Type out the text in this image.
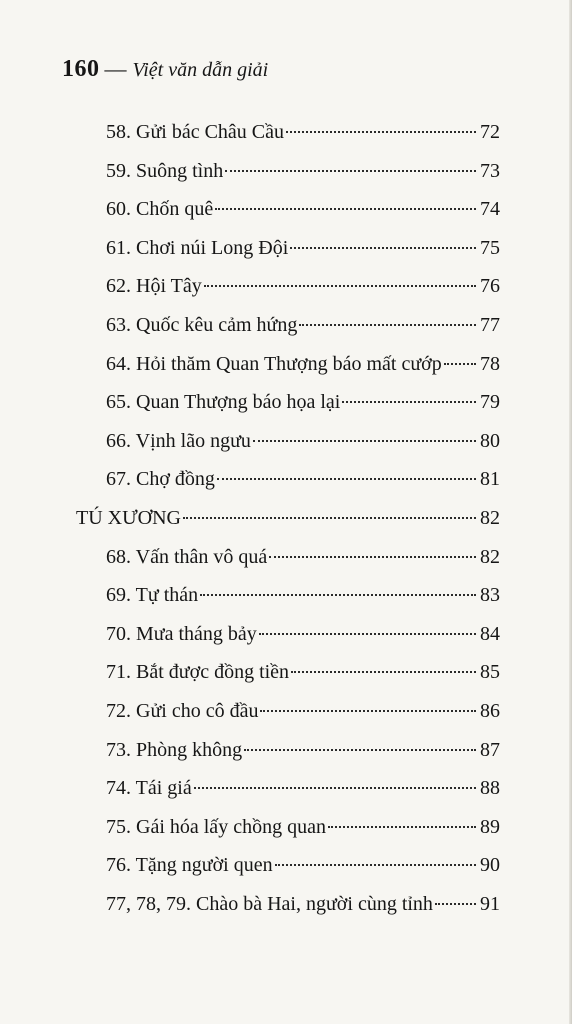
160 — Việt văn dẫn giải
58. Gửi bác Châu Cầu	72
59. Suông tình	73
60. Chốn quê	74
61. Chơi núi Long Đội	75
62. Hội Tây	76
63. Quốc kêu cảm hứng	77
64. Hỏi thăm Quan Thượng báo mất cướp 78
65. Quan Thượng báo họa lại	79
66. Vịnh lão ngưu	80
67. Chợ đồng	81
TÚ XƯƠNG	82
68. Vấn thân vô quá	82
69. Tự thán	83
70. Mưa tháng bảy	84
71. Bắt được đồng tiền	85
72. Gửi cho cô đầu	86
73. Phòng không	87
74. Tái giá	88
75. Gái hóa lấy chồng quan	89
76. Tặng người quen	90
77, 78, 79. Chào bà Hai, người cùng tỉnh 91
